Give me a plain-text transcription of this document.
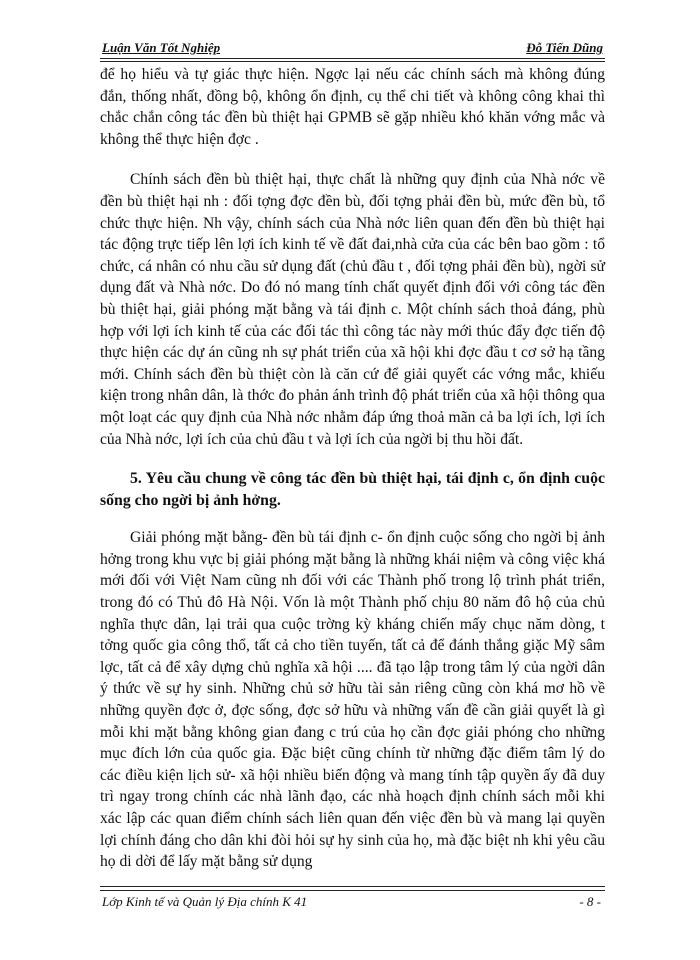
Luận Văn Tốt Nghiệp	Đỗ Tiến Dũng

để họ hiểu và tự giác thực hiện. Ngợc lại nếu các chính sách mà không đúng đắn, thống nhất, đồng bộ, không ổn định, cụ thể chi tiết và không công khai thì chắc chắn công tác đền bù thiệt hại GPMB sẽ gặp nhiều khó khăn vớng mắc và không thể thực hiện đợc .

Chính sách đền bù thiệt hại, thực chất là những quy định của Nhà nớc về đền bù thiệt hại nh : đối tợng đợc đền bù, đối tợng phải đền bù, mức đền bù, tổ chức thực hiện. Nh vậy, chính sách của Nhà nớc liên quan đến đền bù thiệt hại tác động trực tiếp lên lợi ích kinh tế về đất đai,nhà cửa của các bên bao gồm : tổ chức, cá nhân có nhu cầu sử dụng đất (chủ đầu t , đối tợng phải đền bù), ngời sử dụng đất và Nhà nớc. Do đó nó mang tính chất quyết định đối với công tác đền bù thiệt hại, giải phóng mặt bằng và tái định c. Một chính sách thoả đáng, phù hợp với lợi ích kinh tế của các đối tác thì công tác này mới thúc đẩy đợc tiến độ thực hiện các dự án cũng nh sự phát triển của xã hội khi đợc đầu t cơ sở hạ tầng mới. Chính sách đền bù thiệt còn là căn cứ để giải quyết các vớng mắc, khiếu kiện trong nhân dân, là thớc đo phản ánh trình độ phát triển của xã hội thông qua một loạt các quy định của Nhà nớc nhằm đáp ứng thoả mãn cả ba lợi ích, lợi ích của Nhà nớc, lợi ích của chủ đầu t và lợi ích của ngời bị thu hồi đất.

5. Yêu cầu chung về công tác đền bù thiệt hại, tái định c, ổn định cuộc sống cho ngời bị ảnh hởng.

Giải phóng mặt bằng- đền bù tái định c- ổn định cuộc sống cho ngời bị ảnh hởng trong khu vực bị giải phóng mặt bằng là những khái niệm và công việc khá mới đối với Việt Nam cũng nh đối với các Thành phố trong lộ trình phát triển, trong đó có Thủ đô Hà Nội. Vốn là một Thành phố chịu 80 năm đô hộ của chủ nghĩa thực dân, lại trải qua cuộc trờng kỳ kháng chiến mấy chục năm dòng, t tởng quốc gia công thổ, tất cả cho tiền tuyến, tất cả để đánh thắng giặc Mỹ sâm lợc, tất cả để xây dựng chủ nghĩa xã hội .... đã tạo lập trong tâm lý của ngời dân ý thức về sự hy sinh. Những chủ sở hữu tài sản riêng cũng còn khá mơ hồ về những quyền đợc ở, đợc sống, đợc sở hữu và những vấn đề cần giải quyết là gì mỗi khi mặt bằng không gian đang c trú của họ cần đợc giải phóng cho những mục đích lớn của quốc gia. Đặc biệt cũng chính từ những đặc điểm tâm lý do các điều kiện lịch sử- xã hội nhiều biến động và mang tính tập quyền ấy đã duy trì ngay trong chính các nhà lãnh đạo, các nhà hoạch định chính sách mỗi khi xác lập các quan điểm chính sách liên quan đến việc đền bù và mang lại quyền lợi chính đáng cho dân khi đòi hỏi sự hy sinh của họ, mà đặc biệt nh khi yêu cầu họ di dời để lấy mặt bằng sử dụng

Lớp Kinh tế và Quản lý Địa chính K 41	- 8 -
